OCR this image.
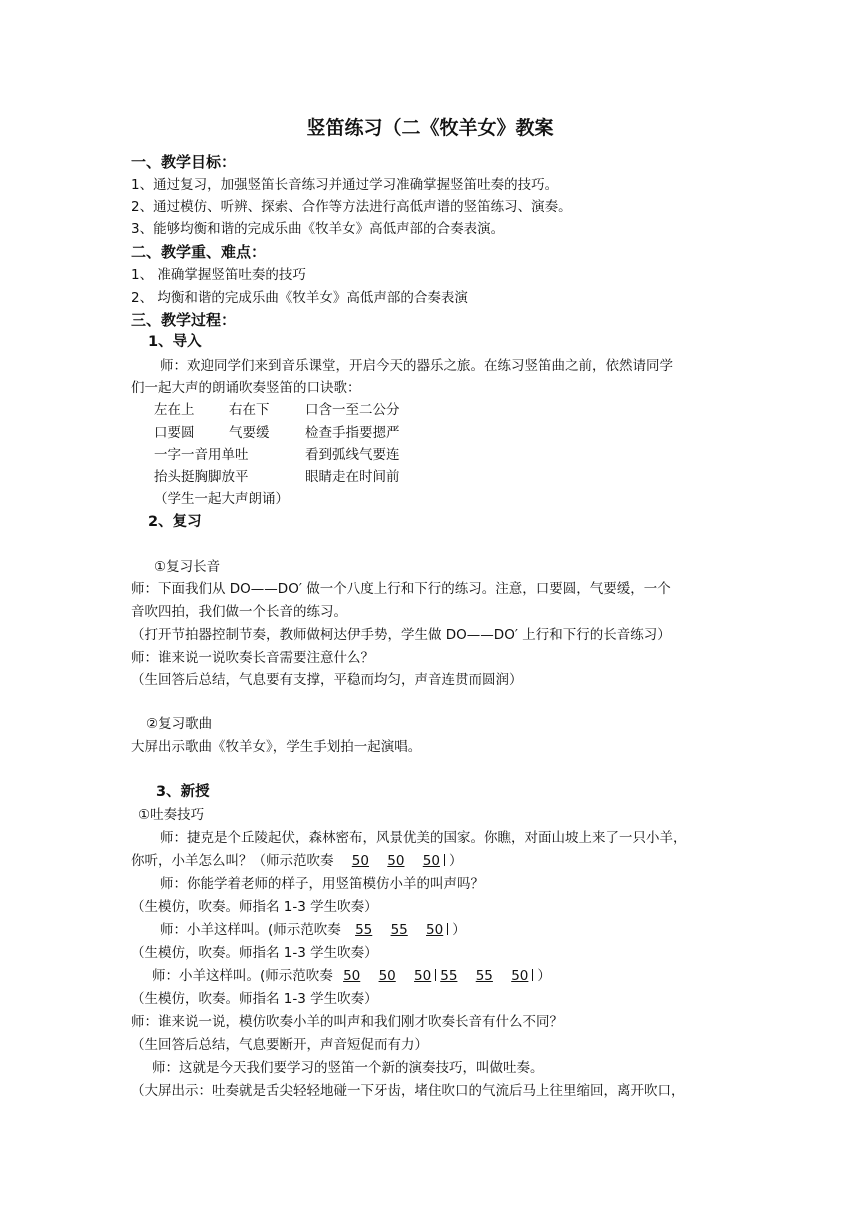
竖笛练习（二《牧羊女》教案
一、教学目标：
1、通过复习，加强竖笛长音练习并通过学习准确掌握竖笛吐奏的技巧。
2、通过模仿、听辨、探索、合作等方法进行高低声谱的竖笛练习、演奏。
3、能够均衡和谐的完成乐曲《牧羊女》高低声部的合奏表演。
二、教学重、难点：
1、 准确掌握竖笛吐奏的技巧
2、 均衡和谐的完成乐曲《牧羊女》高低声部的合奏表演
三、教学过程：
1、导入
师：欢迎同学们来到音乐课堂，开启今天的器乐之旅。在练习竖笛曲之前，依然请同学
们一起大声的朗诵吹奏竖笛的口诀歌：
左在上	右在下	口含一至二公分
口要圆	气要缓	检查手指要摁严
一字一音用单吐	看到弧线气要连
抬头挺胸脚放平	眼睛走在时间前
（学生一起大声朗诵）
2、复习
①复习长音
师：下面我们从 DO——DO′ 做一个八度上行和下行的练习。注意，口要圆，气要缓，一个
音吹四拍，我们做一个长音的练习。
（打开节拍器控制节奏，教师做柯达伊手势，学生做 DO——DO′ 上行和下行的长音练习）
师：谁来说一说吹奏长音需要注意什么？
（生回答后总结，气息要有支撑，平稳而均匀，声音连贯而圆润）
②复习歌曲
大屏出示歌曲《牧羊女》，学生手划拍一起演唱。
3、新授
①吐奏技巧
师：捷克是个丘陵起伏，森林密布，风景优美的国家。你瞧，对面山坡上来了一只小羊，
你听，小羊怎么叫？（师示范吹奏 50 50 50 ）
师：你能学着老师的样子，用竖笛模仿小羊的叫声吗？
（生模仿，吹奏。师指名 1-3 学生吹奏）
师：小羊这样叫。(师示范吹奏 55 55 50 ）
（生模仿，吹奏。师指名 1-3 学生吹奏）
师：小羊这样叫。(师示范吹奏 50 50 50 55 55 50 ）
（生模仿，吹奏。师指名 1-3 学生吹奏）
师：谁来说一说，模仿吹奏小羊的叫声和我们刚才吹奏长音有什么不同？
（生回答后总结，气息要断开，声音短促而有力）
师：这就是今天我们要学习的竖笛一个新的演奏技巧，叫做吐奏。
（大屏出示：吐奏就是舌尖轻轻地碰一下牙齿，堵住吹口的气流后马上往里缩回，离开吹口，
